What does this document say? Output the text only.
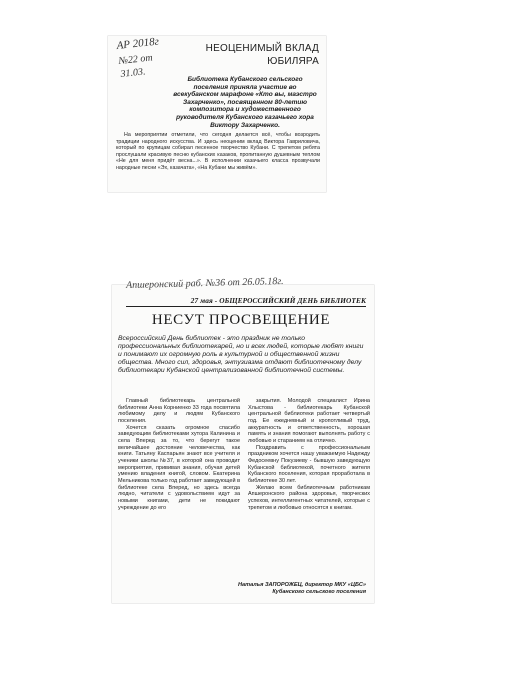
АР 2018г
№22 от
31.03.
НЕОЦЕНИМЫЙ ВКЛАД
ЮБИЛЯРА

Библиотека Кубанского сельского поселения приняла участие во всекубанском марафоне «Кто вы, маэстро Захарченко», посвященном 80-летию композитора и художественного руководителя Кубанского казачьего хора Виктору Захарченко.

На мероприятии отметили, что сегодня делается всё, чтобы возродить традиции народного искусства. И здесь неоценим вклад Виктора Гавриловича, который по крупицам собирал песенное творчество Кубани. С трепетом ребята прослушали красивую песню кубанских казаков, пропитанную душевным теплом «Не для меня придёт весна...». В исполнении казачьего класса прозвучали народные песни «Эх, казачата», «На Кубани мы живём».

Апшеронский раб. №36 от 26.05.18г.
27 мая - ОБЩЕРОССИЙСКИЙ ДЕНЬ БИБЛИОТЕК
НЕСУТ ПРОСВЕЩЕНИЕ

Всероссийский День библиотек - это праздник не только профессиональных библиотекарей, но и всех людей, которые любят книги и понимают их огромную роль в культурной и общественной жизни общества. Много сил, здоровья, энтузиазма отдают библиотечному делу библиотекари Кубанской централизованной библиотечной системы.

Главный библиотекарь центральной библиотеки Анна Корниенко 33 года посвятила любимому делу и людям Кубанского поселения.

Хочется сказать огромное спасибо заведующим библиотеками хутора Калинина и села Вперед за то, что берегут такое величайшее достояние человечества, как книги. Татьяну Каспарьян знают все учителя и ученики школы №37, в которой она проводит мероприятия, прививая знания, обучая детей умению владения книгой, словом. Екатерина Мельникова только год работает заведующей в библиотеке села Вперед, но здесь всегда людно, читатели с удовольствием идут за новыми книгами, дети не покидают учреждение до его

закрытия. Молодой специалист Ирина Хлыстова - библиотекарь Кубанской центральной библиотеки работает четвертый год. Ее ежедневный и кропотливый труд, аккуратность и ответственность, хорошая память и знания помогают выполнять работу с любовью и старанием на отлично.

Поздравить с профессиональным праздником хочется нашу уважаемую Надежду Федосеевну Покузиеву - бывшую заведующую Кубанской библиотекой, почетного жителя Кубанского поселения, которая проработала в библиотеке 30 лет.

Желаю всем библиотечным работникам Апшеронского района здоровья, творческих успехов, интеллигентных читателей, которые с трепетом и любовью относятся к книгам.

Наталья ЗАПОРОЖЕЦ, директор МКУ «ЦБС»
Кубанского сельского поселения
